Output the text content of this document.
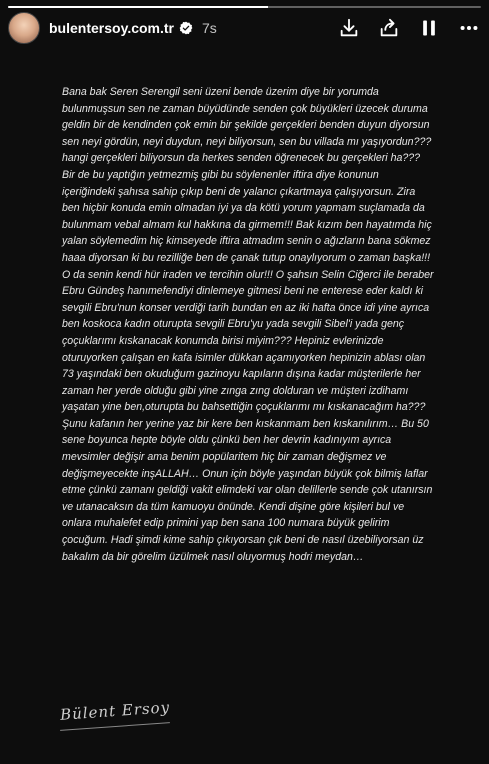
bulentersoy.com.tr 7s

Bana bak Seren Serengil seni üzeni bende üzerim diye bir yorumda bulunmuşsun sen ne zaman büyüdünde senden çok büyükleri üzecek duruma geldin bir de kendinden çok emin bir şekilde gerçekleri benden duyun diyorsun sen neyi gördün, neyi duydun, neyi biliyorsun, sen bu villada mı yaşıyordun???hangi gerçekleri biliyorsun da herkes senden öğrenecek bu gerçekleri ha??? Bir de bu yaptığın yetmezmiş gibi bu söylenenler iftira diye konunun içeriğindeki şahısa sahip çıkıp beni de yalancı çıkartmaya çalışıyorsun. Zira ben hiçbir konuda emin olmadan iyi ya da kötü yorum yapmam suçlamada da bulunmam vebal almam kul hakkına da girmem!!! Bak kızım ben hayatımda hiç yalan söylemedim hiç kimseyede iftira atmadım senin o ağızların bana sökmez haaa diyorsan ki bu rezilliğe ben de çanak tutup onaylıyorum o zaman başka!!! O da senin kendi hür iraden ve tercihin olur!!! O şahsın Selin Ciğerci ile beraber Ebru Gündeş hanımefendiyi dinlemeye gitmesi beni ne enterese eder kaldı ki sevgili Ebru'nun konser verdiği tarih bundan en az iki hafta önce idi yine ayrıca ben koskoca kadın oturupta sevgili Ebru'yu yada sevgili Sibel'i yada genç çoçuklarımı kıskanacak konumda birisi miyim??? Hepiniz evlerinizde oturuyorken çalışan en kafa isimler dükkan açamıyorken hepinizin ablası olan 73 yaşındaki ben okuduğum gazinoyu kapıların dışına kadar müşterilerle her zaman her yerde olduğu gibi yine zınga zıng dolduran ve müşteri izdihamı yaşatan yine ben,oturupta bu bahsettiğin çoçuklarımı mı kıskanacağım ha??? Şunu kafanın her yerine yaz bir kere ben kıskanmam ben kıskanılırım… Bu 50 sene boyunca hepte böyle oldu çünkü ben her devrin kadınıyım ayrıca mevsimler değişir ama benim popülaritem hiç bir zaman değişmez ve değişmeyecekte inşALLAH… Onun için böyle yaşından büyük çok bilmiş laflar etme çünkü zamanı geldiği vakit elimdeki var olan delillerle sende çok utanırsın ve utanacaksın da tüm kamuoyu önünde. Kendi dişine göre kişileri bul ve onlara muhalefet edip primini yap ben sana 100 numara büyük gelirim çocuğum. Hadi şimdi kime sahip çıkıyorsan çık beni de nasıl üzebiliyorsan üz bakalım da bir görelim üzülmek nasıl oluyormuş hodri meydan…

Bülent Ersoy
